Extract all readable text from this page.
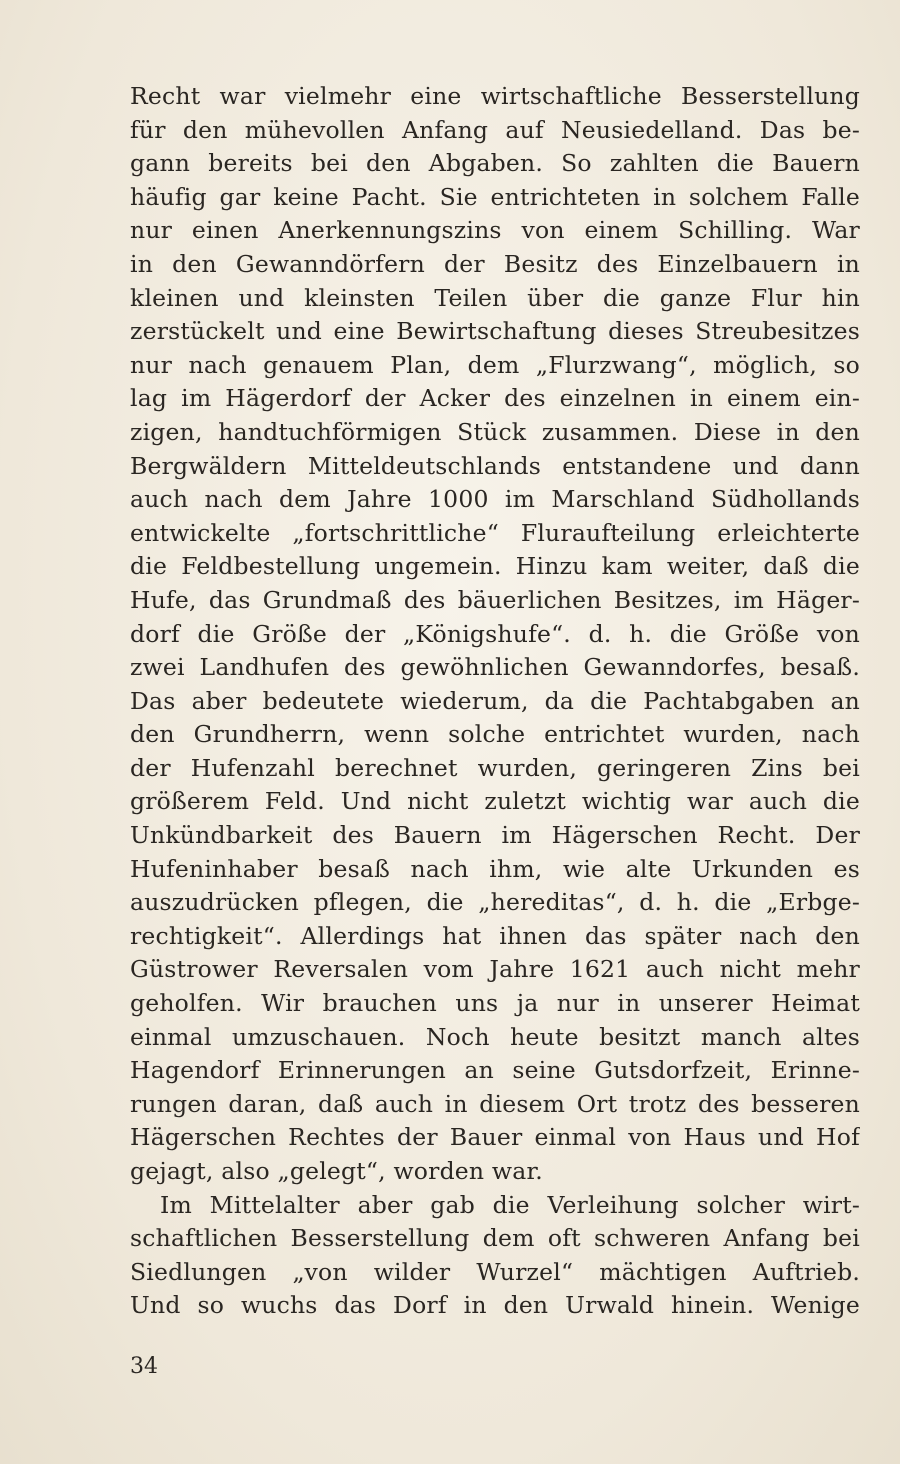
Recht war vielmehr eine wirtschaftliche Besserstellung
für den mühevollen Anfang auf Neusiedelland. Das be-
gann bereits bei den Abgaben. So zahlten die Bauern
häufig gar keine Pacht. Sie entrichteten in solchem Falle
nur einen Anerkennungszins von einem Schilling. War
in den Gewanndörfern der Besitz des Einzelbauern in
kleinen und kleinsten Teilen über die ganze Flur hin
zerstückelt und eine Bewirtschaftung dieses Streubesitzes
nur nach genauem Plan, dem „Flurzwang“, möglich, so
lag im Hägerdorf der Acker des einzelnen in einem ein-
zigen, handtuchförmigen Stück zusammen. Diese in den
Bergwäldern Mitteldeutschlands entstandene und dann
auch nach dem Jahre 1000 im Marschland Südhollands
entwickelte „fortschrittliche“ Fluraufteilung erleichterte
die Feldbestellung ungemein. Hinzu kam weiter, daß die
Hufe, das Grundmaß des bäuerlichen Besitzes, im Häger-
dorf die Größe der „Königshufe“. d. h. die Größe von
zwei Landhufen des gewöhnlichen Gewanndorfes, besaß.
Das aber bedeutete wiederum, da die Pachtabgaben an
den Grundherrn, wenn solche entrichtet wurden, nach
der Hufenzahl berechnet wurden, geringeren Zins bei
größerem Feld. Und nicht zuletzt wichtig war auch die
Unkündbarkeit des Bauern im Hägerschen Recht. Der
Hufeninhaber besaß nach ihm, wie alte Urkunden es
auszudrücken pflegen, die „hereditas“, d. h. die „Erbge-
rechtigkeit“. Allerdings hat ihnen das später nach den
Güstrower Reversalen vom Jahre 1621 auch nicht mehr
geholfen. Wir brauchen uns ja nur in unserer Heimat
einmal umzuschauen. Noch heute besitzt manch altes
Hagendorf Erinnerungen an seine Gutsdorfzeit, Erinne-
rungen daran, daß auch in diesem Ort trotz des besseren
Hägerschen Rechtes der Bauer einmal von Haus und Hof
gejagt, also „gelegt“, worden war.
Im Mittelalter aber gab die Verleihung solcher wirt-
schaftlichen Besserstellung dem oft schweren Anfang bei
Siedlungen „von wilder Wurzel“ mächtigen Auftrieb.
Und so wuchs das Dorf in den Urwald hinein. Wenige
34
